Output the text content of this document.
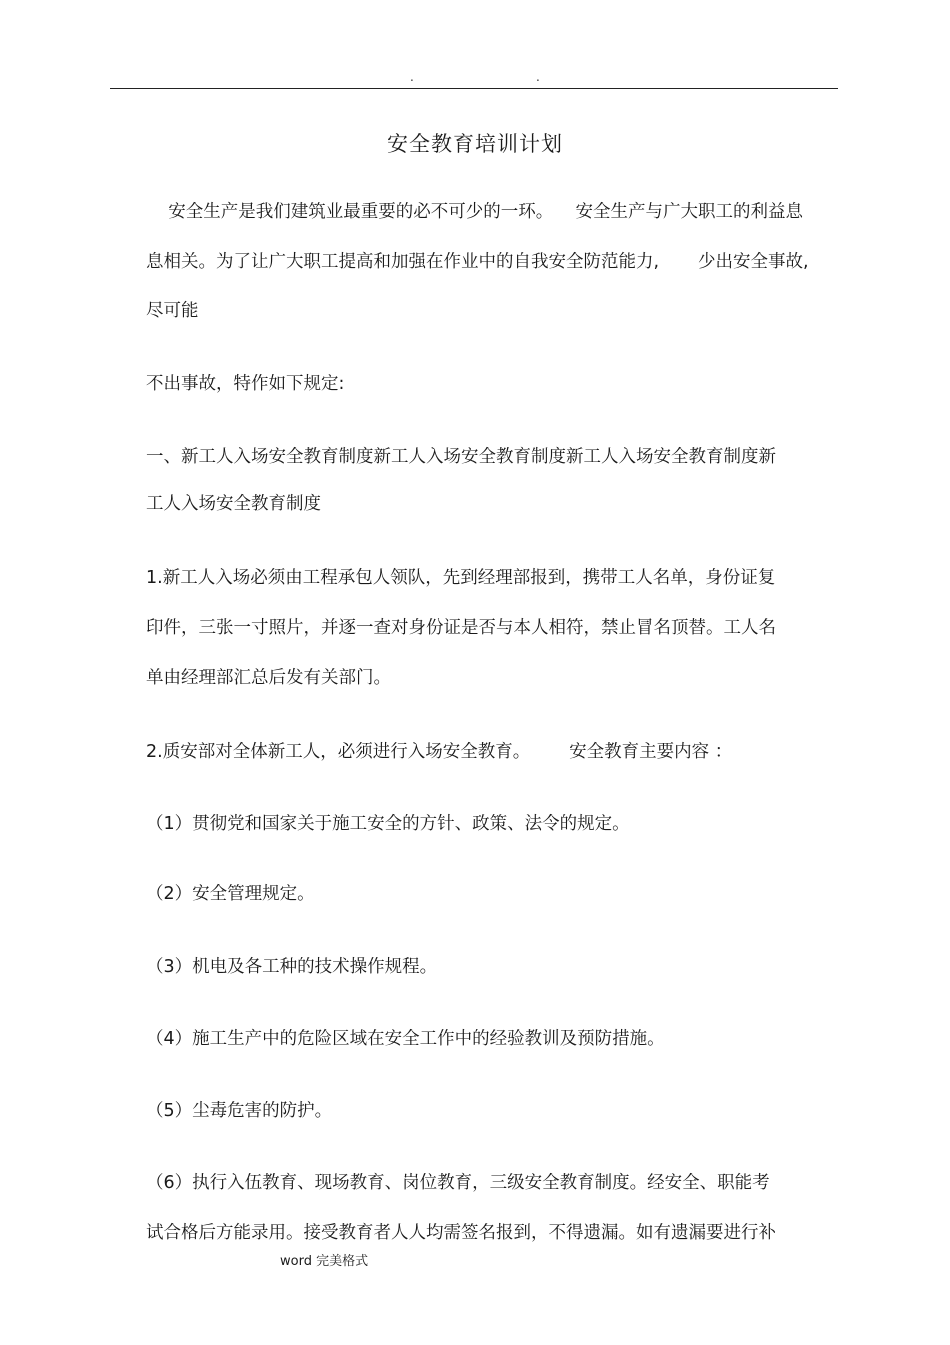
.	.
安全教育培训计划
安全生产是我们建筑业最重要的必不可少的一环。    安全生产与广大职工的利益息
息相关。为了让广大职工提高和加强在作业中的自我安全防范能力,       少出安全事故,
尽可能
不出事故，特作如下规定:
一、新工人入场安全教育制度新工人入场安全教育制度新工人入场安全教育制度新
工人入场安全教育制度
1.新工人入场必须由工程承包人领队，先到经理部报到，携带工人名单，身份证复
印件，三张一寸照片，并逐一查对身份证是否与本人相符，禁止冒名顶替。工人名
单由经理部汇总后发有关部门。
2.质安部对全体新工人，必须进行入场安全教育。       安全教育主要内容 ：
（1）贯彻党和国家关于施工安全的方针、政策、法令的规定。
（2）安全管理规定。
（3）机电及各工种的技术操作规程。
（4）施工生产中的危险区域在安全工作中的经验教训及预防措施。
（5）尘毒危害的防护。
（6）执行入伍教育、现场教育、岗位教育，三级安全教育制度。经安全、职能考
试合格后方能录用。接受教育者人人均需签名报到，不得遗漏。如有遗漏要进行补
word 完美格式
